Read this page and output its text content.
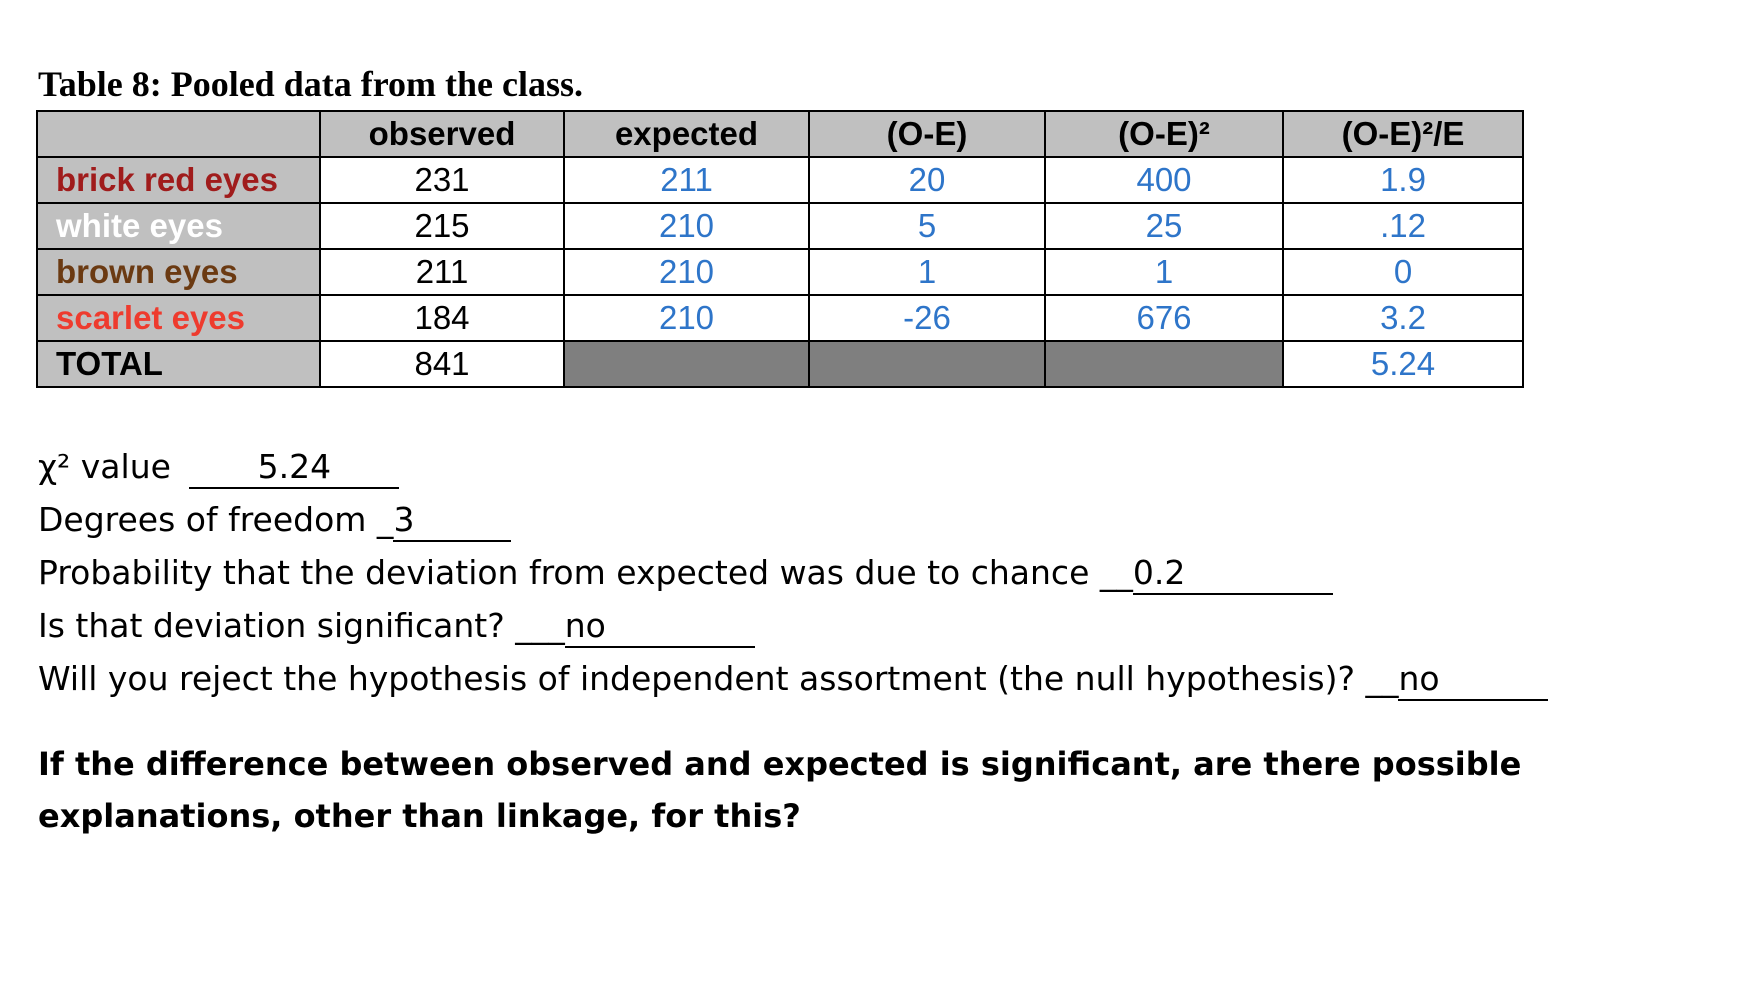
Table 8: Pooled data from the class.
	observed	expected	(O-E)	(O-E)²	(O-E)²/E
brick red eyes	231	211	20	400	1.9
white eyes	215	210	5	25	.12
brown eyes	211	210	1	1	0
scarlet eyes	184	210	-26	676	3.2
TOTAL	841				5.24
χ² value	5.24
Degrees of freedom _3
Probability that the deviation from expected was due to chance __0.2
Is that deviation significant? ___no
Will you reject the hypothesis of independent assortment (the null hypothesis)? __no
If the difference between observed and expected is significant, are there possible explanations, other than linkage, for this?
